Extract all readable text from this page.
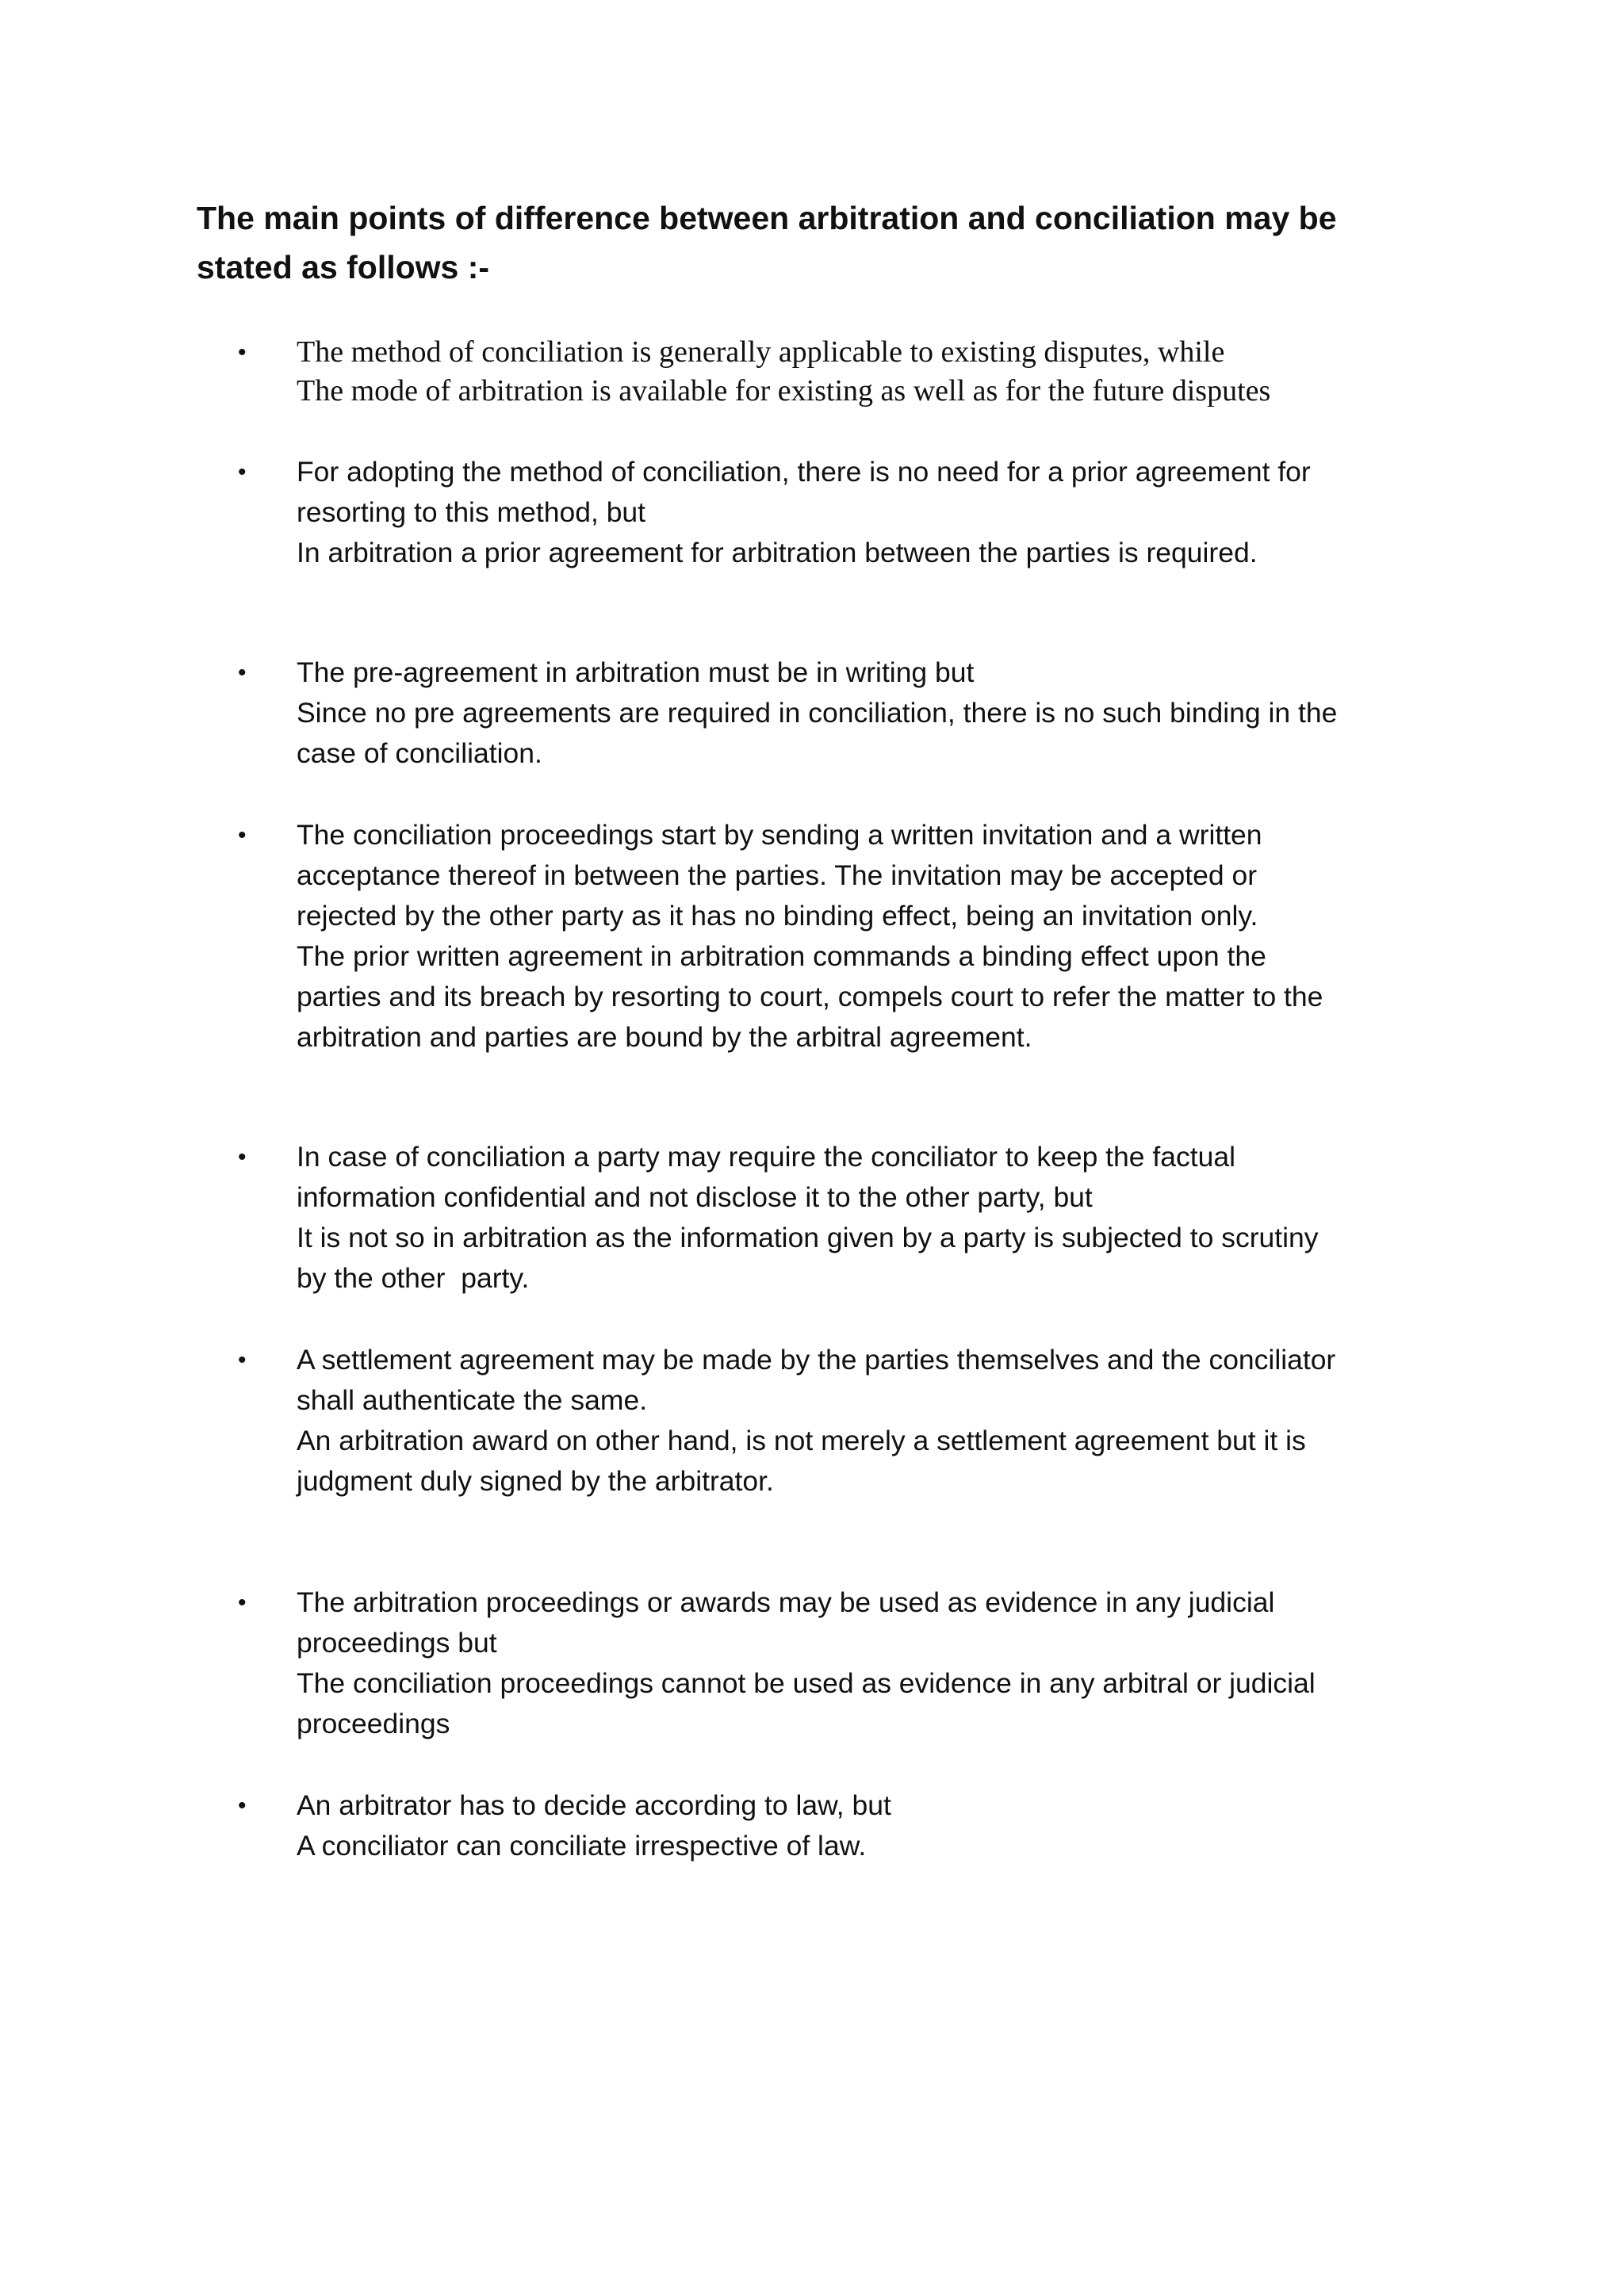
The main points of difference between arbitration and conciliation may be
stated as follows :-
• The method of conciliation is generally applicable to existing disputes, while
The mode of arbitration is available for existing as well as for the future disputes
• For adopting the method of conciliation, there is no need for a prior agreement for
resorting to this method, but
In arbitration a prior agreement for arbitration between the parties is required.
• The pre-agreement in arbitration must be in writing but
Since no pre agreements are required in conciliation, there is no such binding in the
case of conciliation.
• The conciliation proceedings start by sending a written invitation and a written
acceptance thereof in between the parties. The invitation may be accepted or
rejected by the other party as it has no binding effect, being an invitation only.
The prior written agreement in arbitration commands a binding effect upon the
parties and its breach by resorting to court, compels court to refer the matter to the
arbitration and parties are bound by the arbitral agreement.
• In case of conciliation a party may require the conciliator to keep the factual
information confidential and not disclose it to the other party, but
It is not so in arbitration as the information given by a party is subjected to scrutiny
by the other  party.
• A settlement agreement may be made by the parties themselves and the conciliator
shall authenticate the same.
An arbitration award on other hand, is not merely a settlement agreement but it is
judgment duly signed by the arbitrator.
• The arbitration proceedings or awards may be used as evidence in any judicial
proceedings but
The conciliation proceedings cannot be used as evidence in any arbitral or judicial
proceedings
• An arbitrator has to decide according to law, but
A conciliator can conciliate irrespective of law.
